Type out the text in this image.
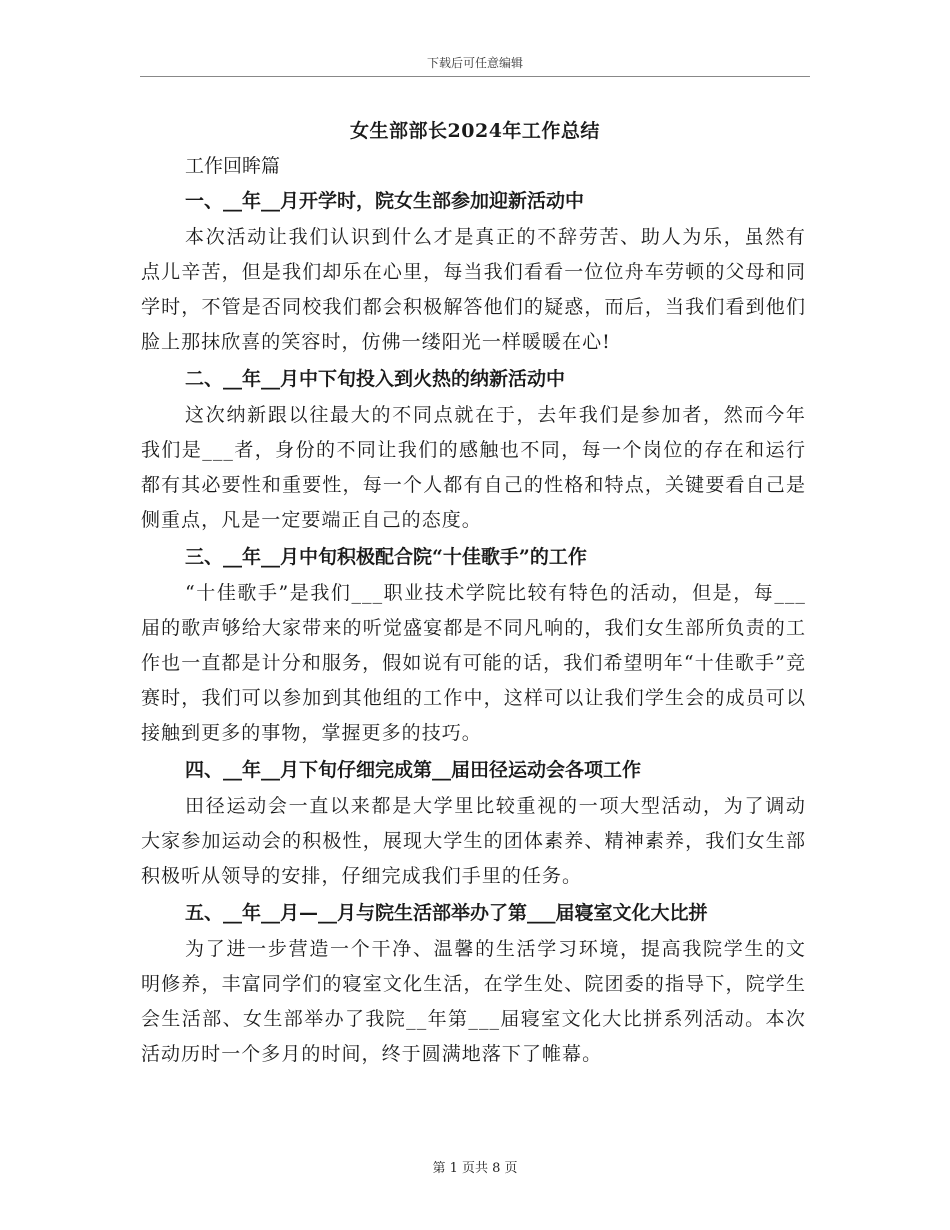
下载后可任意编辑
女生部部长2024年工作总结

工作回眸篇

一、__年__月开学时，院女生部参加迎新活动中

本次活动让我们认识到什么才是真正的不辞劳苦、助人为乐，虽然有点儿辛苦，但是我们却乐在心里，每当我们看看一位位舟车劳顿的父母和同学时，不管是否同校我们都会积极解答他们的疑惑，而后，当我们看到他们脸上那抹欣喜的笑容时，仿佛一缕阳光一样暖暖在心!

二、__年__月中下旬投入到火热的纳新活动中

这次纳新跟以往最大的不同点就在于，去年我们是参加者，然而今年我们是___者，身份的不同让我们的感触也不同，每一个岗位的存在和运行都有其必要性和重要性，每一个人都有自己的性格和特点，关键要看自己是侧重点，凡是一定要端正自己的态度。

三、__年__月中旬积极配合院“十佳歌手”的工作

“十佳歌手”是我们___职业技术学院比较有特色的活动，但是，每___届的歌声够给大家带来的听觉盛宴都是不同凡响的，我们女生部所负责的工作也一直都是计分和服务，假如说有可能的话，我们希望明年“十佳歌手”竞赛时，我们可以参加到其他组的工作中，这样可以让我们学生会的成员可以接触到更多的事物，掌握更多的技巧。

四、__年__月下旬仔细完成第__届田径运动会各项工作

田径运动会一直以来都是大学里比较重视的一项大型活动，为了调动大家参加运动会的积极性，展现大学生的团体素养、精神素养，我们女生部积极听从领导的安排，仔细完成我们手里的任务。

五、__年__月—__月与院生活部举办了第___届寝室文化大比拼

为了进一步营造一个干净、温馨的生活学习环境，提高我院学生的文明修养，丰富同学们的寝室文化生活，在学生处、院团委的指导下，院学生会生活部、女生部举办了我院__年第___届寝室文化大比拼系列活动。本次活动历时一个多月的时间，终于圆满地落下了帷幕。

第 1 页共 8 页
